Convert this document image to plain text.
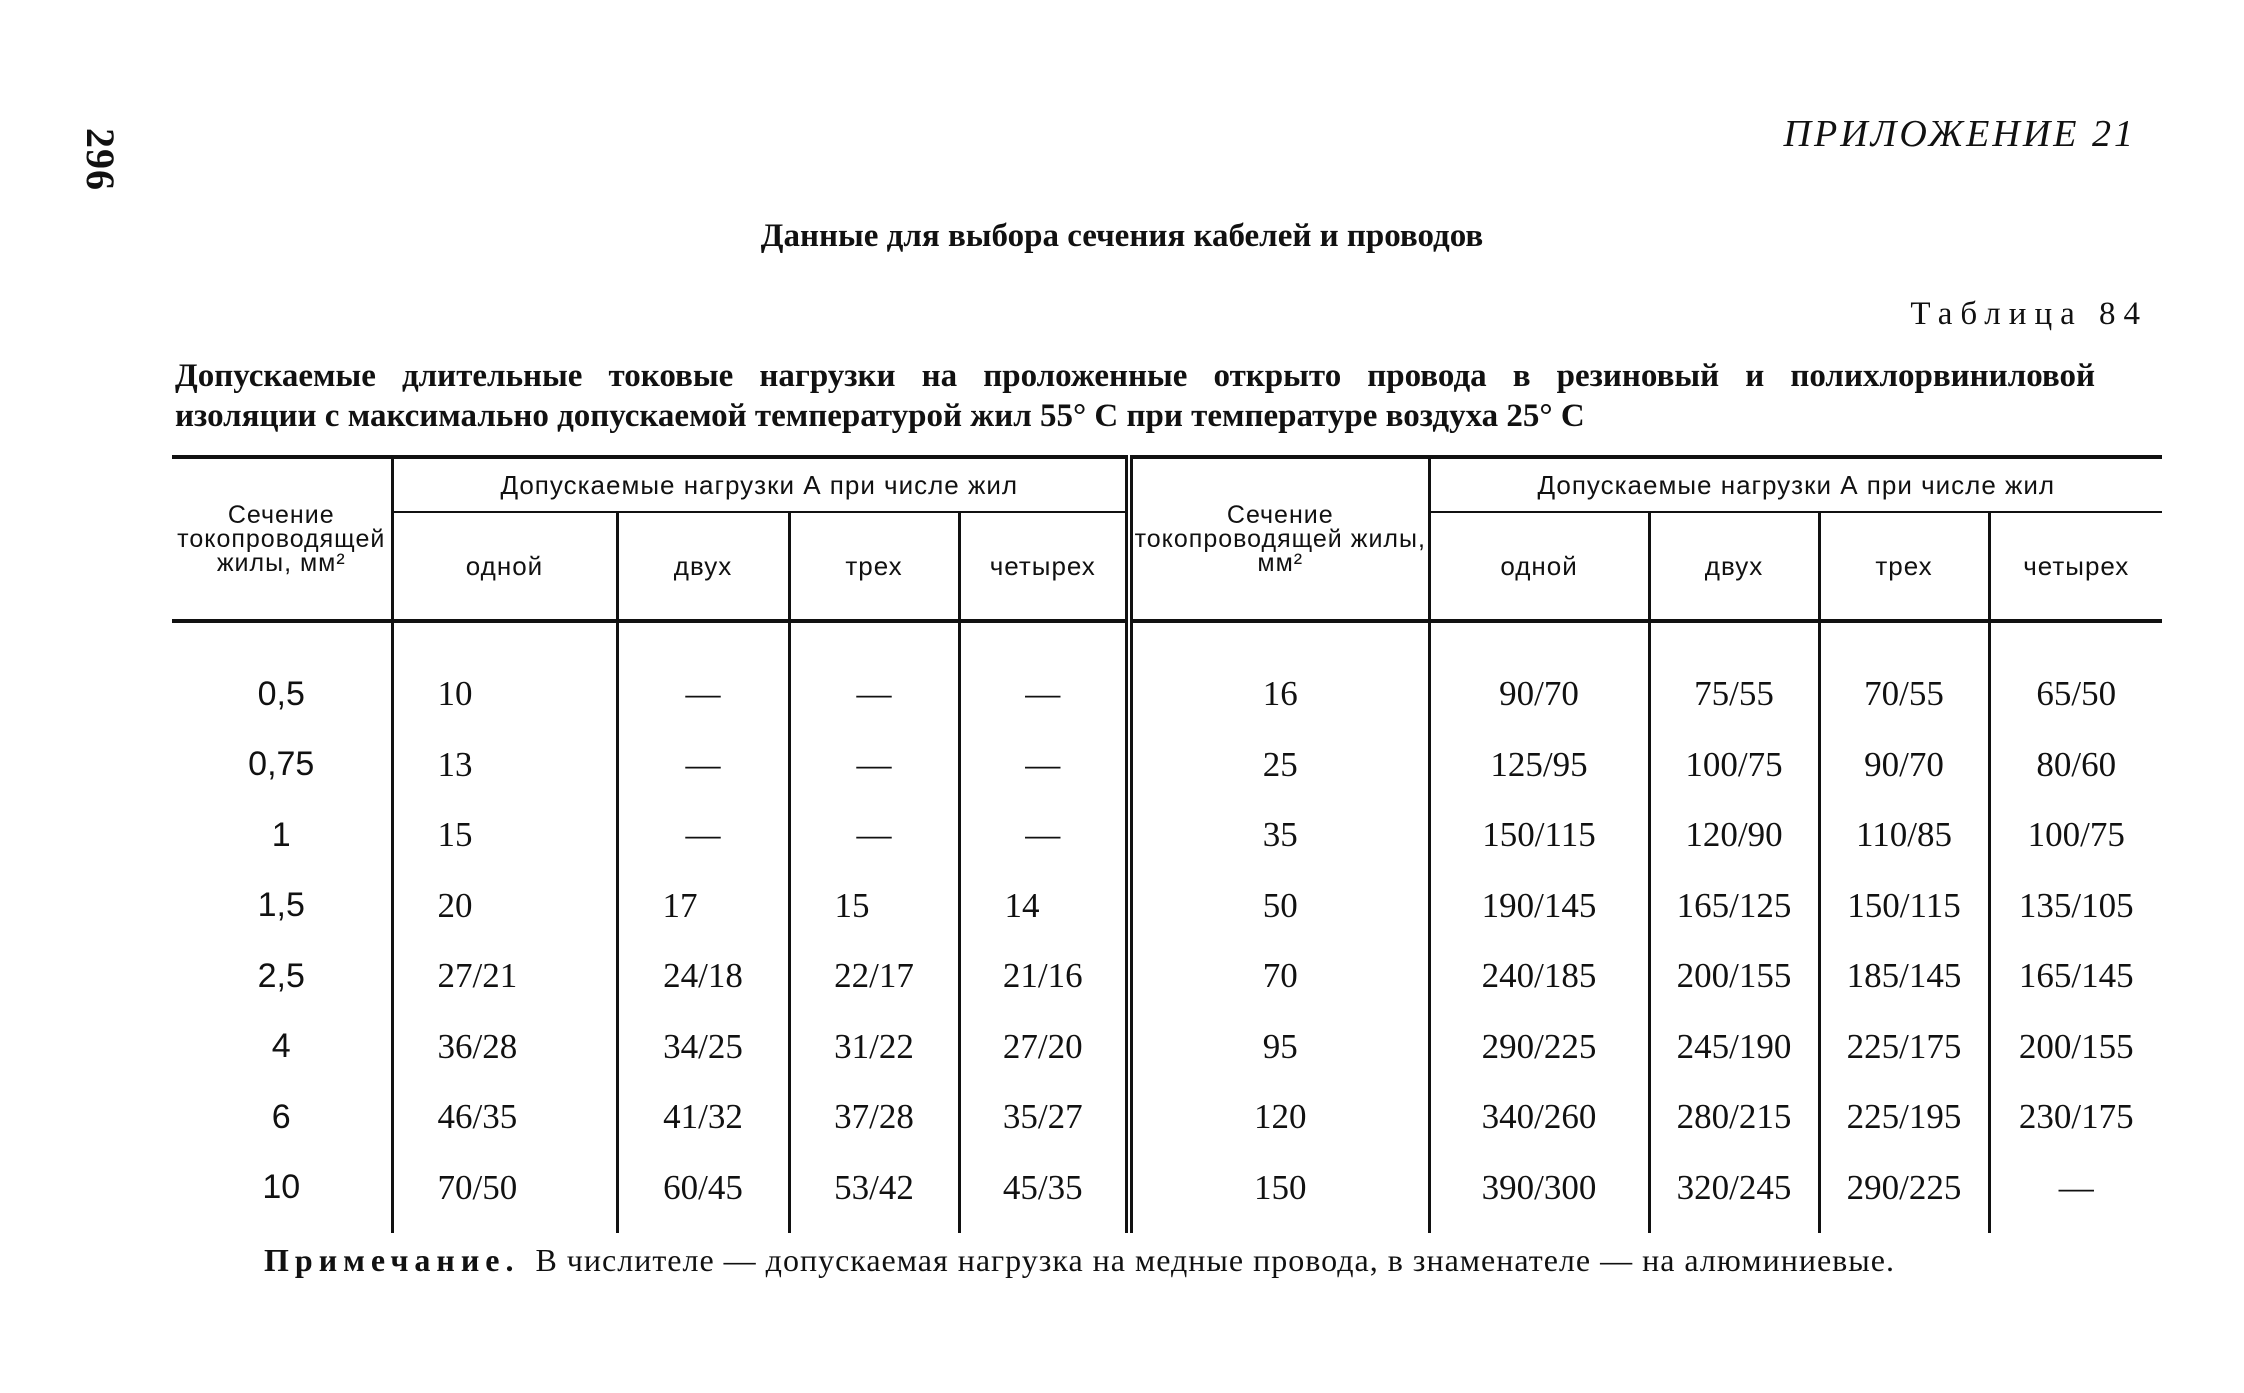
296	ПРИЛОЖЕНИЕ 21
Данные для выбора сечения кабелей и проводов
Таблица 84
Допускаемые длительные токовые нагрузки на проложенные открыто провода в резиновый и полихлорвиниловой
изоляции с максимально допускаемой температурой жил 55° С при температуре воздуха 25° С
Сечение токопроводящей жилы, мм²	Допускаемые нагрузки А при числе жил				Сечение токопроводящей жилы, мм²	Допускаемые нагрузки А при числе жил			
	одной	двух	трех	четырех		одной	двух	трех	четырех
0,5	10	—	—	—	16	90/70	75/55	70/55	65/50
0,75	13	—	—	—	25	125/95	100/75	90/70	80/60
1	15	—	—	—	35	150/115	120/90	110/85	100/75
1,5	20	17	15	14	50	190/145	165/125	150/115	135/105
2,5	27/21	24/18	22/17	21/16	70	240/185	200/155	185/145	165/145
4	36/28	34/25	31/22	27/20	95	290/225	245/190	225/175	200/155
6	46/35	41/32	37/28	35/27	120	340/260	280/215	225/195	230/175
10	70/50	60/45	53/42	45/35	150	390/300	320/245	290/225	—
Примечание. В числителе — допускаемая нагрузка на медные провода, в знаменателе — на алюминиевые.
